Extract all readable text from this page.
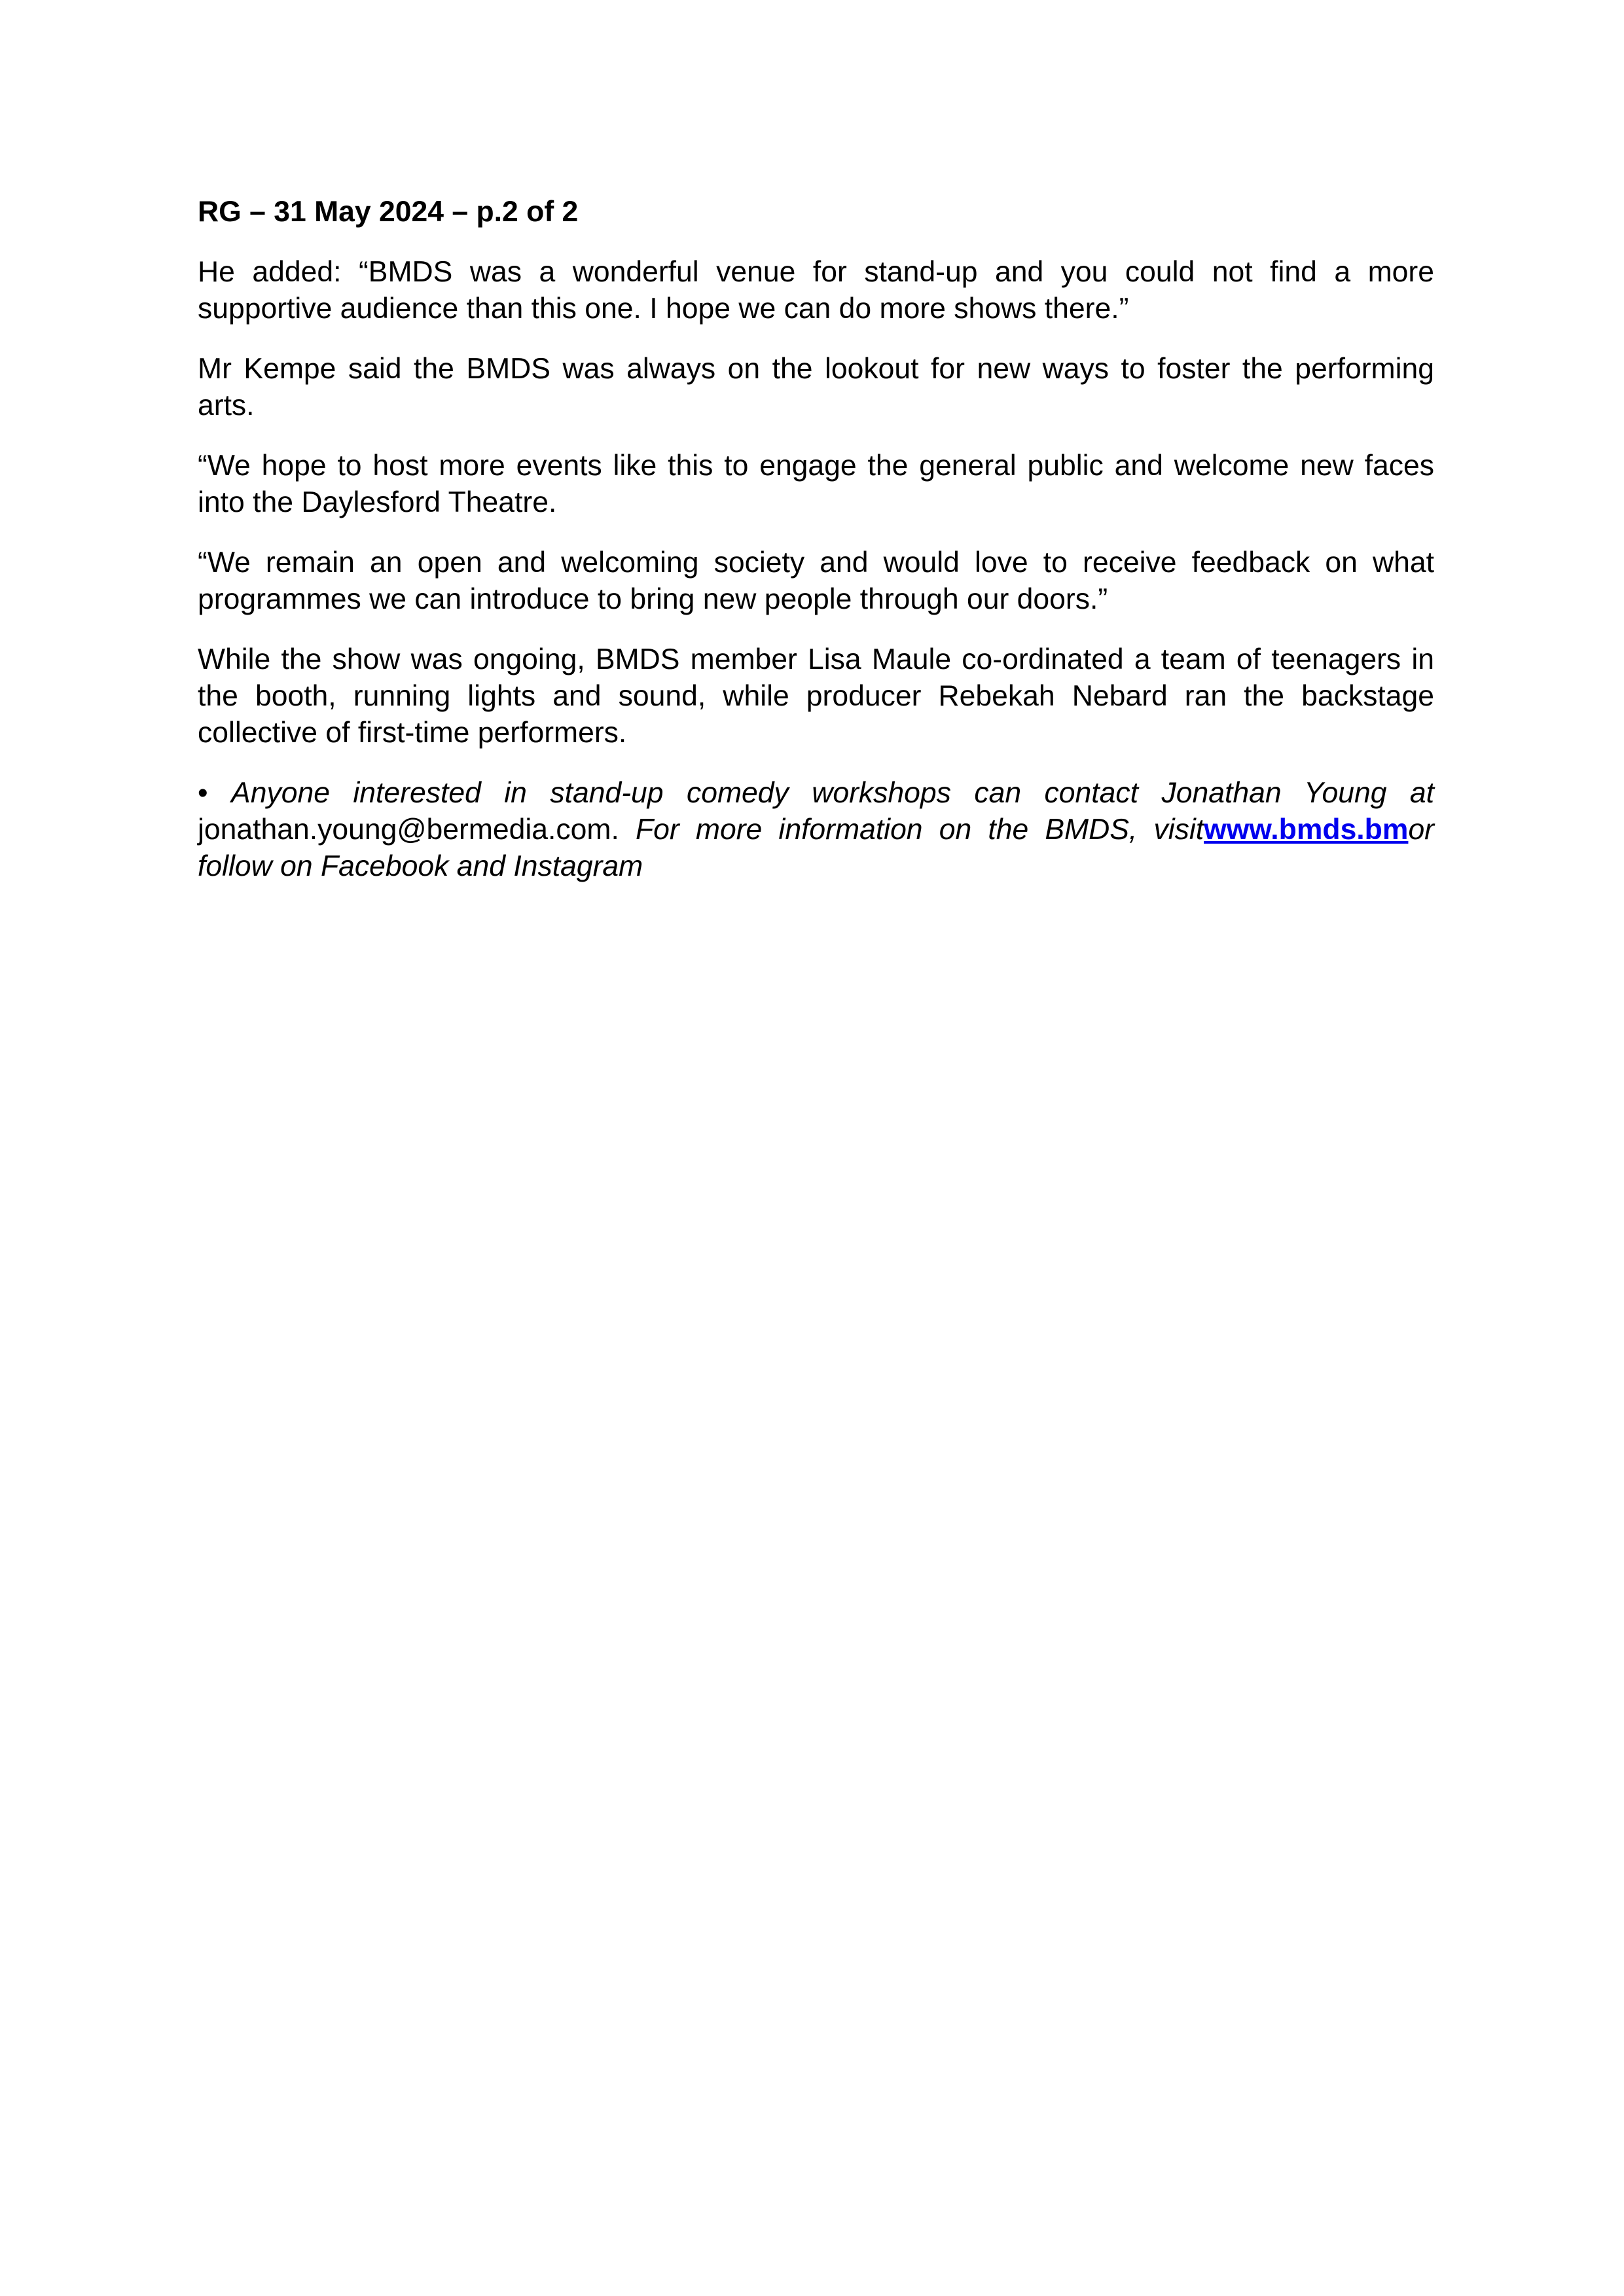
RG – 31 May 2024 – p.2 of 2

He added: “BMDS was a wonderful venue for stand-up and you could not find a more supportive audience than this one. I hope we can do more shows there.”

Mr Kempe said the BMDS was always on the lookout for new ways to foster the performing arts.

“We hope to host more events like this to engage the general public and welcome new faces into the Daylesford Theatre.

“We remain an open and welcoming society and would love to receive feedback on what programmes we can introduce to bring new people through our doors.”

While the show was ongoing, BMDS member Lisa Maule co-ordinated a team of teenagers in the booth, running lights and sound, while producer Rebekah Nebard ran the backstage collective of first-time performers.

• Anyone interested in stand-up comedy workshops can contact Jonathan Young at jonathan.young@bermedia.com. For more information on the BMDS, visitwww.bmds.bmor follow on Facebook and Instagram
